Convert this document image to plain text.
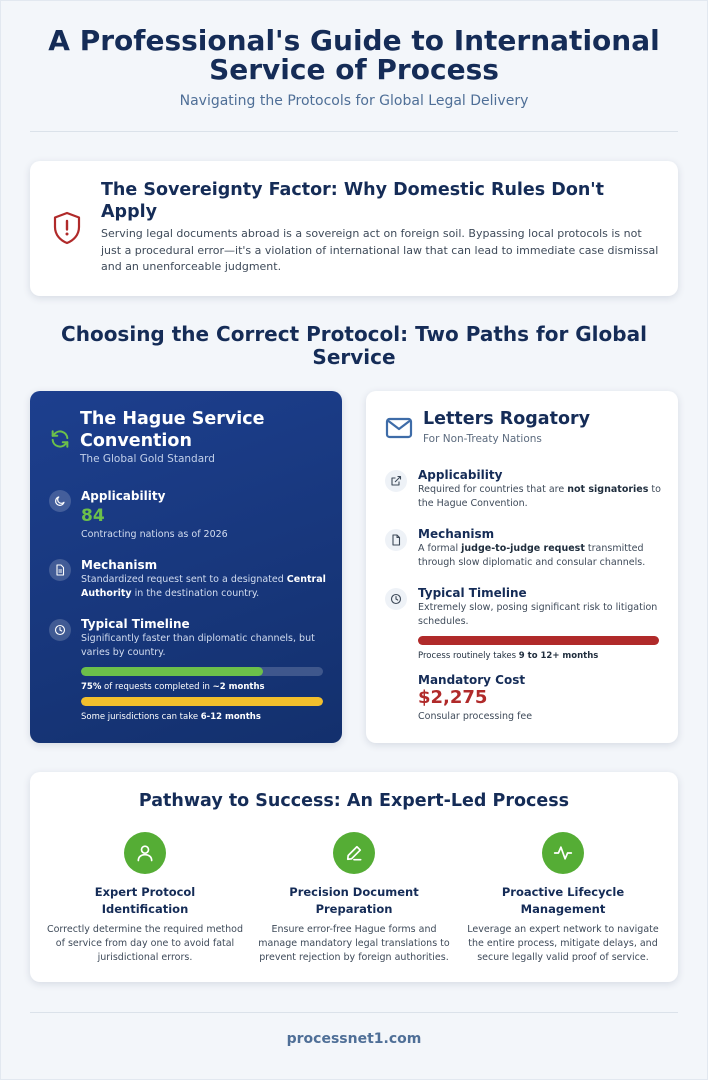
A Professional's Guide to International Service of Process
Navigating the Protocols for Global Legal Delivery
The Sovereignty Factor: Why Domestic Rules Don't Apply
Serving legal documents abroad is a sovereign act on foreign soil. Bypassing local protocols is not just a procedural error—it's a violation of international law that can lead to immediate case dismissal and an unenforceable judgment.
Choosing the Correct Protocol: Two Paths for Global Service
The Hague Service Convention
The Global Gold Standard
Applicability
84
Contracting nations as of 2026
Mechanism
Standardized request sent to a designated Central Authority in the destination country.
Typical Timeline
Significantly faster than diplomatic channels, but varies by country.
75% of requests completed in ~2 months
Some jurisdictions can take 6-12 months
Letters Rogatory
For Non-Treaty Nations
Applicability
Required for countries that are not signatories to the Hague Convention.
Mechanism
A formal judge-to-judge request transmitted through slow diplomatic and consular channels.
Typical Timeline
Extremely slow, posing significant risk to litigation schedules.
Process routinely takes 9 to 12+ months
Mandatory Cost
$2,275
Consular processing fee
Pathway to Success: An Expert-Led Process
Expert Protocol Identification
Correctly determine the required method of service from day one to avoid fatal jurisdictional errors.
Precision Document Preparation
Ensure error-free Hague forms and manage mandatory legal translations to prevent rejection by foreign authorities.
Proactive Lifecycle Management
Leverage an expert network to navigate the entire process, mitigate delays, and secure legally valid proof of service.
processnet1.com
